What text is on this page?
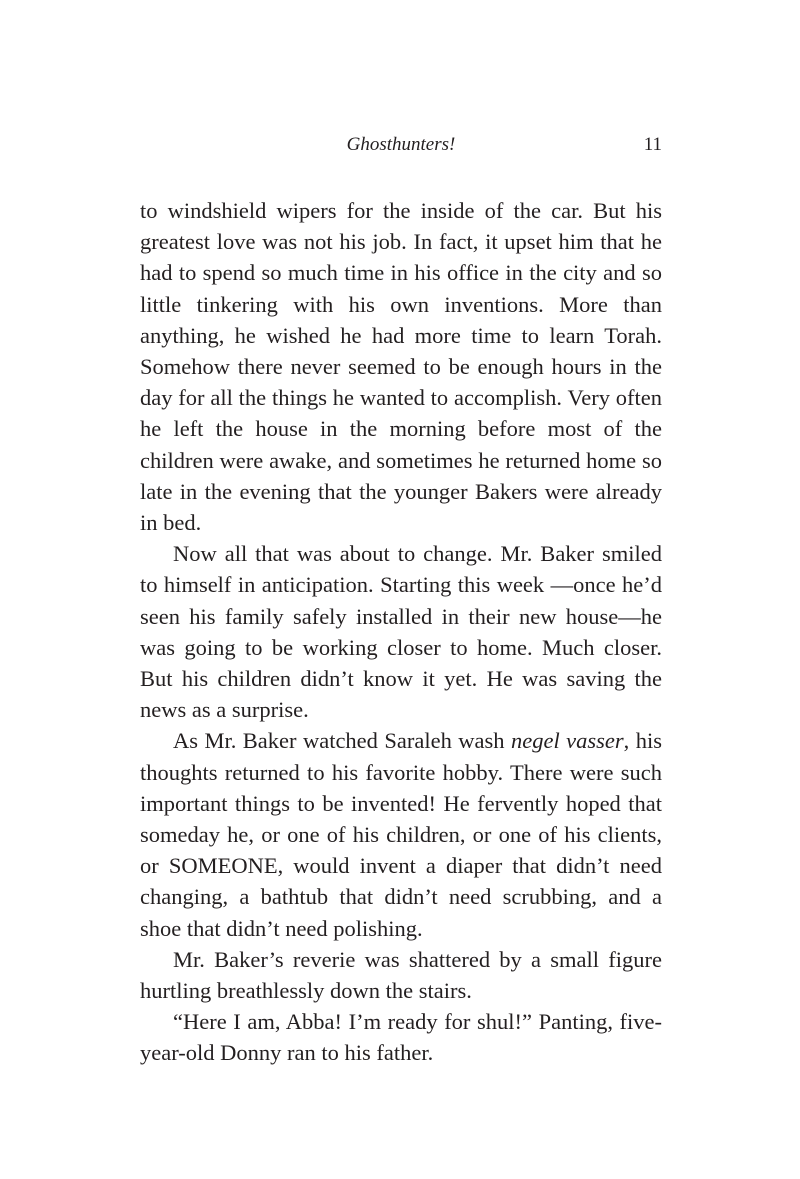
Ghosthunters!	11

to windshield wipers for the inside of the car. But his greatest love was not his job. In fact, it upset him that he had to spend so much time in his office in the city and so little tinkering with his own inventions. More than anything, he wished he had more time to learn Torah. Somehow there never seemed to be enough hours in the day for all the things he wanted to accomplish. Very often he left the house in the morning before most of the children were awake, and sometimes he returned home so late in the evening that the younger Bakers were already in bed.

Now all that was about to change. Mr. Baker smiled to himself in anticipation. Starting this week —once he’d seen his family safely installed in their new house—he was going to be working closer to home. Much closer. But his children didn’t know it yet. He was saving the news as a surprise.

As Mr. Baker watched Saraleh wash negel vasser, his thoughts returned to his favorite hobby. There were such important things to be invented! He fervently hoped that someday he, or one of his children, or one of his clients, or SOMEONE, would invent a diaper that didn’t need changing, a bathtub that didn’t need scrubbing, and a shoe that didn’t need polishing.

Mr. Baker’s reverie was shattered by a small figure hurtling breathlessly down the stairs.

“Here I am, Abba! I’m ready for shul!” Panting, five-year-old Donny ran to his father.
